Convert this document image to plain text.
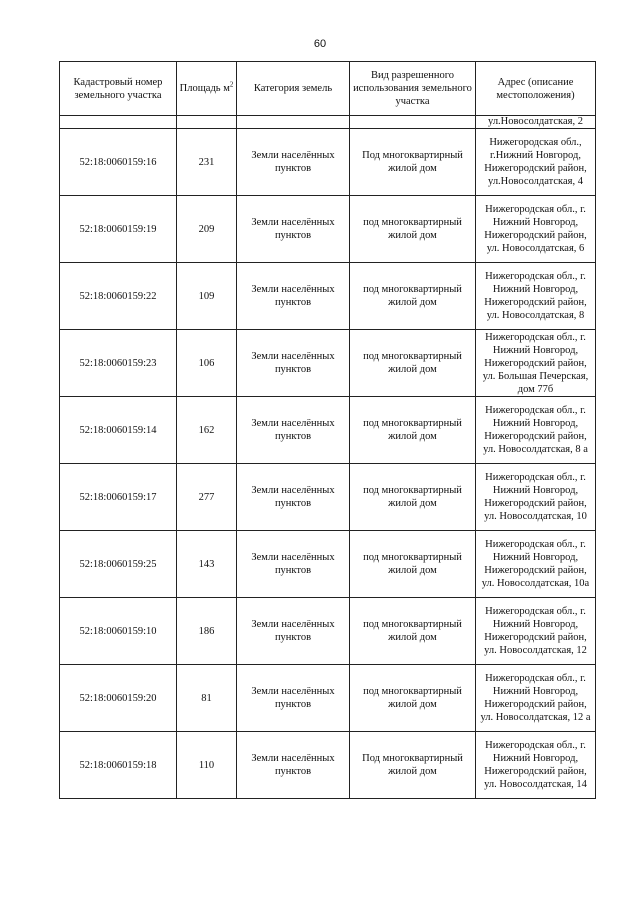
60
Кадастровый номер земельного участка	Площадь $м^2$	Категория земель	Вид разрешенного использования земельного участка	Адрес (описание местоположения)
				ул.Новосолдатская, 2
52:18:0060159:16	231	Земли населённых пунктов	Под многоквартирный жилой дом	Нижегородская обл., г.Нижний Новгород, Нижегородский район, ул.Новосолдатская, 4
52:18:0060159:19	209	Земли населённых пунктов	под многоквартирный жилой дом	Нижегородская обл., г. Нижний Новгород, Нижегородский район, ул. Новосолдатская, 6
52:18:0060159:22	109	Земли населённых пунктов	под многоквартирный жилой дом	Нижегородская обл., г. Нижний Новгород, Нижегородский район, ул. Новосолдатская, 8
52:18:0060159:23	106	Земли населённых пунктов	под многоквартирный жилой дом	Нижегородская обл., г. Нижний Новгород, Нижегородский район, ул. Большая Печерская, дом 77б
52:18:0060159:14	162	Земли населённых пунктов	под многоквартирный жилой дом	Нижегородская обл., г. Нижний Новгород, Нижегородский район, ул. Новосолдатская, 8 а
52:18:0060159:17	277	Земли населённых пунктов	под многоквартирный жилой дом	Нижегородская обл., г. Нижний Новгород, Нижегородский район, ул. Новосолдатская, 10
52:18:0060159:25	143	Земли населённых пунктов	под многоквартирный жилой дом	Нижегородская обл., г. Нижний Новгород, Нижегородский район, ул. Новосолдатская, 10а
52:18:0060159:10	186	Земли населённых пунктов	под многоквартирный жилой дом	Нижегородская обл., г. Нижний Новгород, Нижегородский район, ул. Новосолдатская, 12
52:18:0060159:20	81	Земли населённых пунктов	под многоквартирный жилой дом	Нижегородская обл., г. Нижний Новгород, Нижегородский район, ул. Новосолдатская, 12 а
52:18:0060159:18	110	Земли населённых пунктов	Под многоквартирный жилой дом	Нижегородская обл., г. Нижний Новгород, Нижегородский район, ул. Новосолдатская, 14
